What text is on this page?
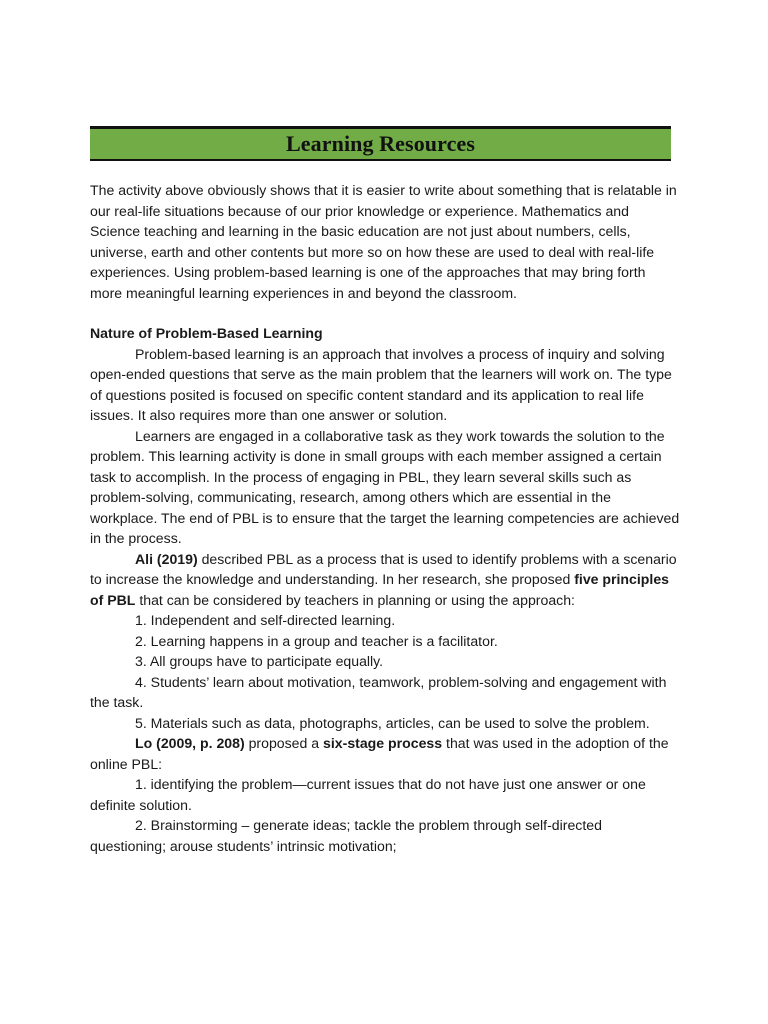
Learning Resources

The activity above obviously shows that it is easier to write about something that is relatable in our real-life situations because of our prior knowledge or experience. Mathematics and Science teaching and learning in the basic education are not just about numbers, cells, universe, earth and other contents but more so on how these are used to deal with real-life experiences. Using problem-based learning is one of the approaches that may bring forth more meaningful learning experiences in and beyond the classroom.

Nature of Problem-Based Learning

Problem-based learning is an approach that involves a process of inquiry and solving open-ended questions that serve as the main problem that the learners will work on. The type of questions posited is focused on specific content standard and its application to real life issues. It also requires more than one answer or solution.

Learners are engaged in a collaborative task as they work towards the solution to the problem. This learning activity is done in small groups with each member assigned a certain task to accomplish. In the process of engaging in PBL, they learn several skills such as problem-solving, communicating, research, among others which are essential in the workplace. The end of PBL is to ensure that the target the learning competencies are achieved in the process.

Ali (2019) described PBL as a process that is used to identify problems with a scenario to increase the knowledge and understanding. In her research, she proposed five principles of PBL that can be considered by teachers in planning or using the approach:

1. Independent and self-directed learning.

2. Learning happens in a group and teacher is a facilitator.

3. All groups have to participate equally.

4. Students’ learn about motivation, teamwork, problem-solving and engagement with the task.

5. Materials such as data, photographs, articles, can be used to solve the problem.

Lo (2009, p. 208) proposed a six-stage process that was used in the adoption of the online PBL:

1. identifying the problem—current issues that do not have just one answer or one definite solution.

2. Brainstorming – generate ideas; tackle the problem through self-directed questioning; arouse students’ intrinsic motivation;
